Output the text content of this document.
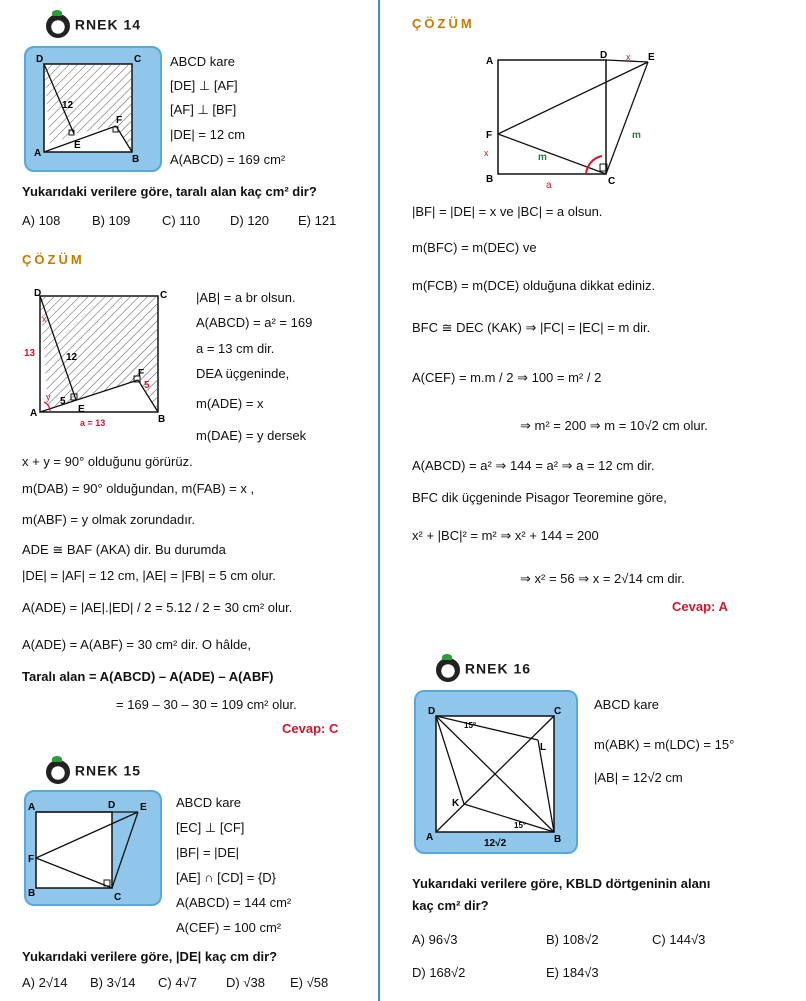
RNEK 14
D	C
A
B
E
F
12
ABCD kare
[DE] ⊥ [AF]
[AF] ⊥ [BF]
|DE| = 12 cm
A(ABCD) = 169 cm²
Yukarıdaki verilere göre, taralı alan kaç cm² dir?
A) 108 B) 109 C) 110 D) 120 E) 121
ÇÖZÜM
D	C
A
B
E
F
13	12
5
5
x
y
a = 13
|AB| = a br olsun.
A(ABCD) = a² = 169
a = 13 cm dir.
DEA üçgeninde,
m(ADE) = x
m(DAE) = y dersek
x + y = 90° olduğunu görürüz.
m(DAB) = 90° olduğundan, m(FAB) = x ,
m(ABF) = y olmak zorundadır.
ADE ≅ BAF (AKA) dir. Bu durumda
|DE| = |AF| = 12 cm, |AE| = |FB| = 5 cm olur.
A(ADE) = |AE|.|ED| / 2 = 5.12 / 2 = 30 cm² olur.
A(ADE) = A(ABF) = 30 cm² dir. O hâlde,
Taralı alan = A(ABCD) – A(ADE) – A(ABF)
= 169 – 30 – 30 = 109 cm² olur.
Cevap: C
RNEK 15
A	D E
F
B	C
ABCD kare
[EC] ⊥ [CF]
|BF| = |DE|
[AE] ∩ [CD] = {D}
A(ABCD) = 144 cm²
A(CEF) = 100 cm²
Yukarıdaki verilere göre, |DE| kaç cm dir?
A) 2√14 B) 3√14 C) 4√7 D) √38 E) √58
ÇÖZÜM
A
D	E
F
B	C
x
x
m
m
a
|BF| = |DE| = x ve |BC| = a olsun.
m(BFC) = m(DEC) ve
m(FCB) = m(DCE) olduğuna dikkat ediniz.
BFC ≅ DEC (KAK) ⇒ |FC| = |EC| = m dir.
A(CEF) = m.m / 2 ⇒ 100 = m² / 2
⇒ m² = 200 ⇒ m = 10√2 cm olur.
A(ABCD) = a² ⇒ 144 = a² ⇒ a = 12 cm dir.
BFC dik üçgeninde Pisagor Teoremine göre,
x² + |BC|² = m² ⇒ x² + 144 = 200
⇒ x² = 56 ⇒ x = 2√14 cm dir.
Cevap: A
RNEK 16
D	C
A	B
K
L
15°
15°
12√2
ABCD kare
m(ABK) = m(LDC) = 15°
|AB| = 12√2 cm
Yukarıdaki verilere göre, KBLD dörtgeninin alanı
kaç cm² dir?
A) 96√3	B) 108√2	C) 144√3
D) 168√2	E) 184√3
